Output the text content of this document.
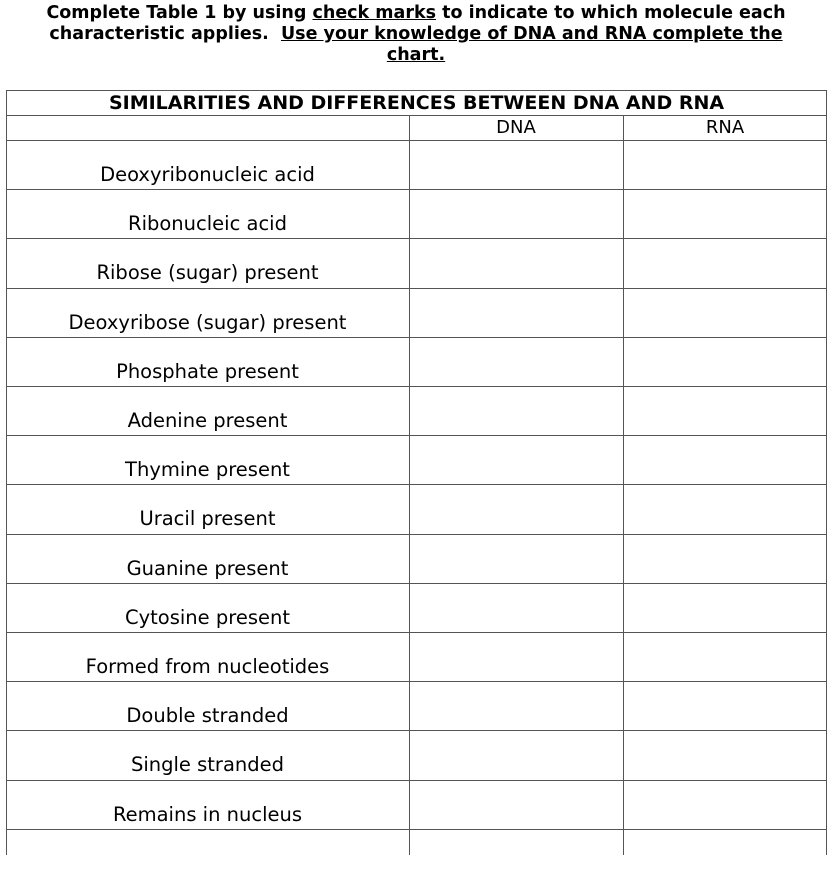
Complete Table 1 by using check marks to indicate to which molecule each
characteristic applies.  Use your knowledge of DNA and RNA complete the
chart.
SIMILARITIES AND DIFFERENCES BETWEEN DNA AND RNA
DNA	RNA
Deoxyribonucleic acid
Ribonucleic acid
Ribose (sugar) present
Deoxyribose (sugar) present
Phosphate present
Adenine present
Thymine present
Uracil present
Guanine present
Cytosine present
Formed from nucleotides
Double stranded
Single stranded
Remains in nucleus
